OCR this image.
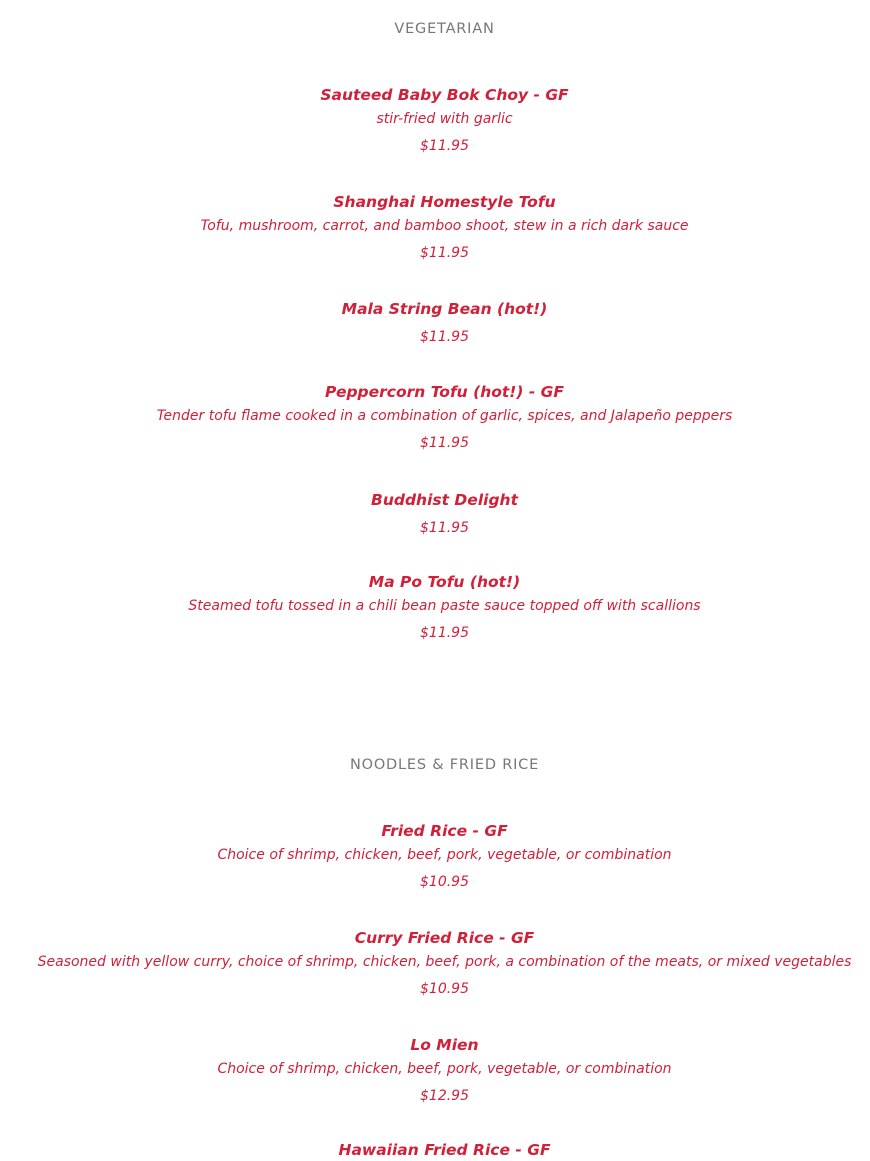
VEGETARIAN
Sauteed Baby Bok Choy - GF
stir-fried with garlic
$11.95
Shanghai Homestyle Tofu
Tofu, mushroom, carrot, and bamboo shoot, stew in a rich dark sauce
$11.95
Mala String Bean (hot!)
$11.95
Peppercorn Tofu (hot!) - GF
Tender tofu flame cooked in a combination of garlic, spices, and Jalapeño peppers
$11.95
Buddhist Delight
$11.95
Ma Po Tofu (hot!)
Steamed tofu tossed in a chili bean paste sauce topped off with scallions
$11.95
NOODLES & FRIED RICE
Fried Rice - GF
Choice of shrimp, chicken, beef, pork, vegetable, or combination
$10.95
Curry Fried Rice - GF
Seasoned with yellow curry, choice of shrimp, chicken, beef, pork, a combination of the meats, or mixed vegetables
$10.95
Lo Mien
Choice of shrimp, chicken, beef, pork, vegetable, or combination
$12.95
Hawaiian Fried Rice - GF
